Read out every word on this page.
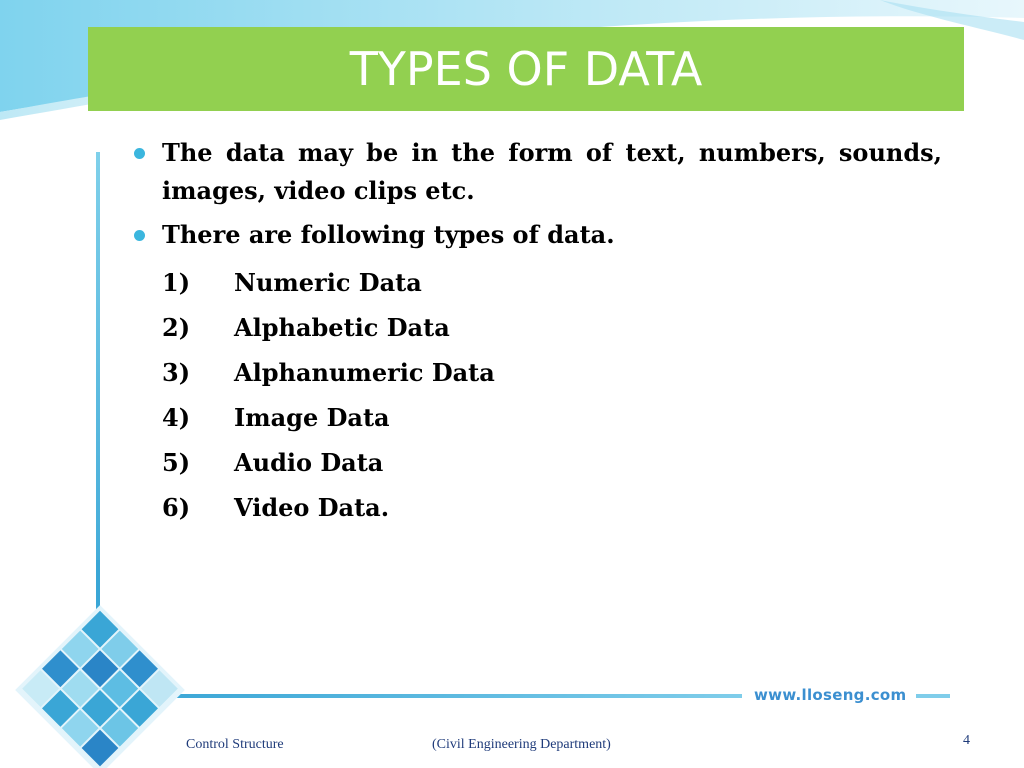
TYPES OF DATA
The data may be in the form of text, numbers, sounds, images, video clips etc.
There are following types of data.
1)	Numeric Data
2)	Alphabetic Data
3)	Alphanumeric Data
4)	Image Data
5)	Audio Data
6)	Video Data.
www.lloseng.com
Control Structure	(Civil Engineering Department)	4
